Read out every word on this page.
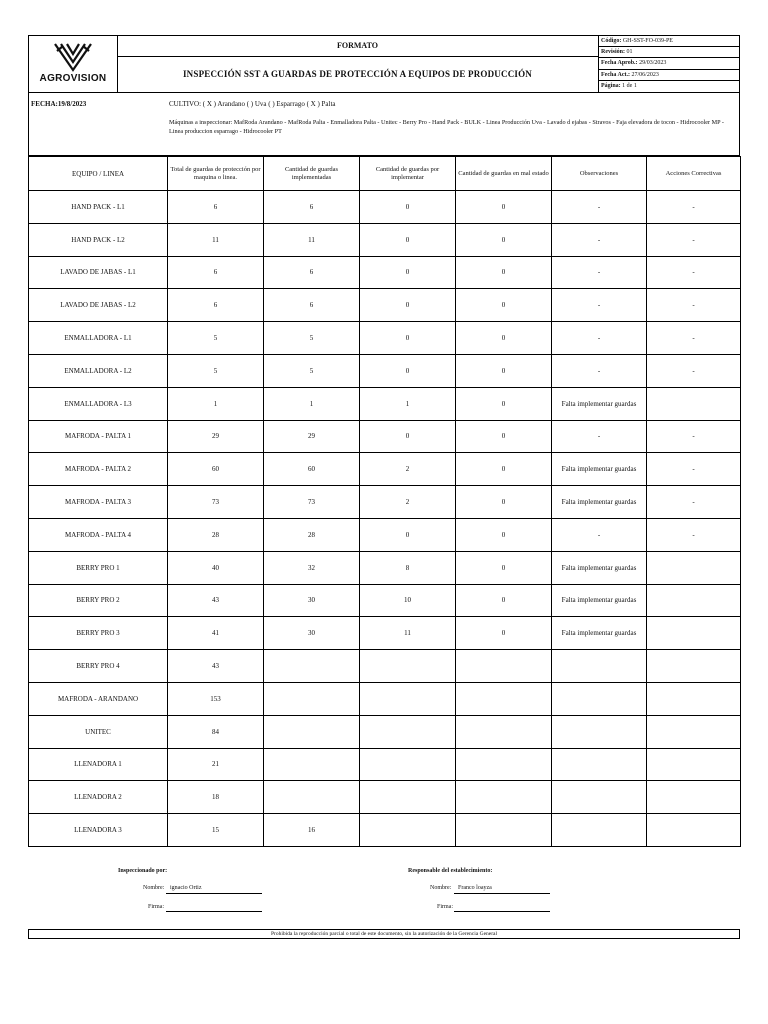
AGROVISION
FORMATO
INSPECCIÓN SST A GUARDAS DE PROTECCIÓN A EQUIPOS DE PRODUCCIÓN
Código: GH-SST-FO-039-PE
Revisión: 01
Fecha Aprob.: 29/03/2023
Fecha Act.: 27/06/2023
Página: 1 de 1
FECHA:19/8/2023	CULTIVO: ( X ) Arandano ( ) Uva ( ) Esparrago ( X ) Palta
Máquinas a inspeccionar: MafRoda Arandano - MafRoda Palta - Enmalladora Palta - Unitec - Berry Pro - Hand Pack - BULK - Linea Producción Uva - Lavado d ejabas - Stravos - Faja elevadora de tocon - Hidrocooler MP - Linea produccion esparrago - Hidrocooler PT
EQUIPO / LINEA	Total de guardas de protección por maquina o linea.	Cantidad de guardas implementadas	Cantidad de guardas por implementar	Cantidad de guardas en mal estado	Observaciones	Acciones Correctivas
HAND PACK - L1	6	6	0	0	-	-
HAND PACK - L2	11	11	0	0	-	-
LAVADO DE JABAS - L1	6	6	0	0	-	-
LAVADO DE JABAS - L2	6	6	0	0	-	-
ENMALLADORA - L1	5	5	0	0	-	-
ENMALLADORA - L2	5	5	0	0	-	-
ENMALLADORA - L3	1	1	1	0	Falta implementar guardas	
MAFRODA - PALTA 1	29	29	0	0	-	-
MAFRODA - PALTA 2	60	60	2	0	Falta implementar guardas	-
MAFRODA - PALTA 3	73	73	2	0	Falta implementar guardas	-
MAFRODA - PALTA 4	28	28	0	0	-	-
BERRY PRO 1	40	32	8	0	Falta implementar guardas	
BERRY PRO 2	43	30	10	0	Falta implementar guardas	
BERRY PRO 3	41	30	11	0	Falta implementar guardas	
BERRY PRO 4	43					
MAFRODA - ARANDANO	153					
UNITEC	84					
LLENADORA 1	21					
LLENADORA 2	18					
LLENADORA 3	15	16				
Inspeccionado por:	Responsable del establecimiento:
Nombre: ignacio Ortiz
Firma:
Nombre: Franco loayza
Firma:
Prohibida la reproducción parcial o total de este documento, sin la autorización de la Gerencia General
